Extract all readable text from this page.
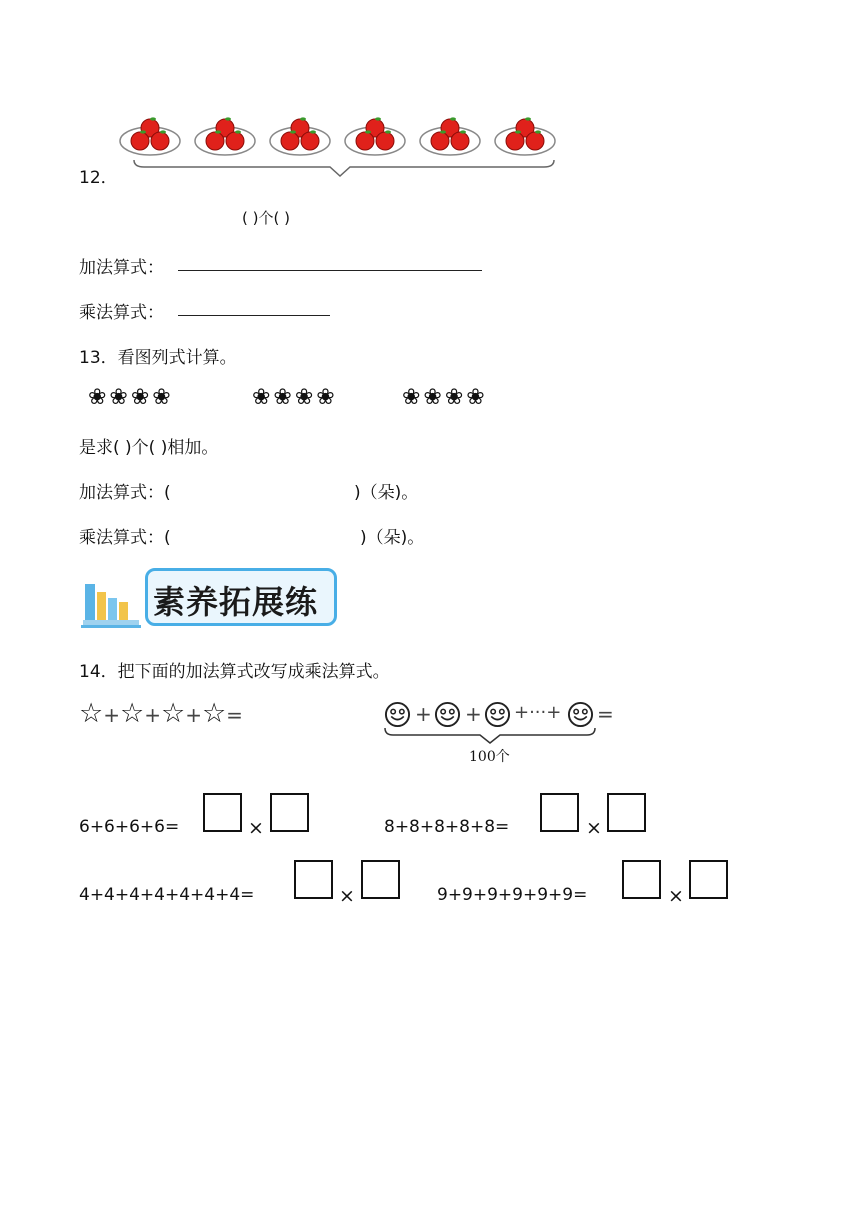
12．
( )个( )
加法算式：
乘法算式：
13．看图列式计算。
❀❀❀❀	❀❀❀❀	❀❀❀❀
是求( )个( )相加。
加法算式：(	)（朵)。
乘法算式：(	)（朵)。
素养拓展练
14．把下面的加法算式改写成乘法算式。
☆+☆+☆+☆=	+ + +···+ =
100个
6+6+6+6=	×	8+8+8+8+8=	×
4+4+4+4+4+4+4=	×	9+9+9+9+9+9=	×
